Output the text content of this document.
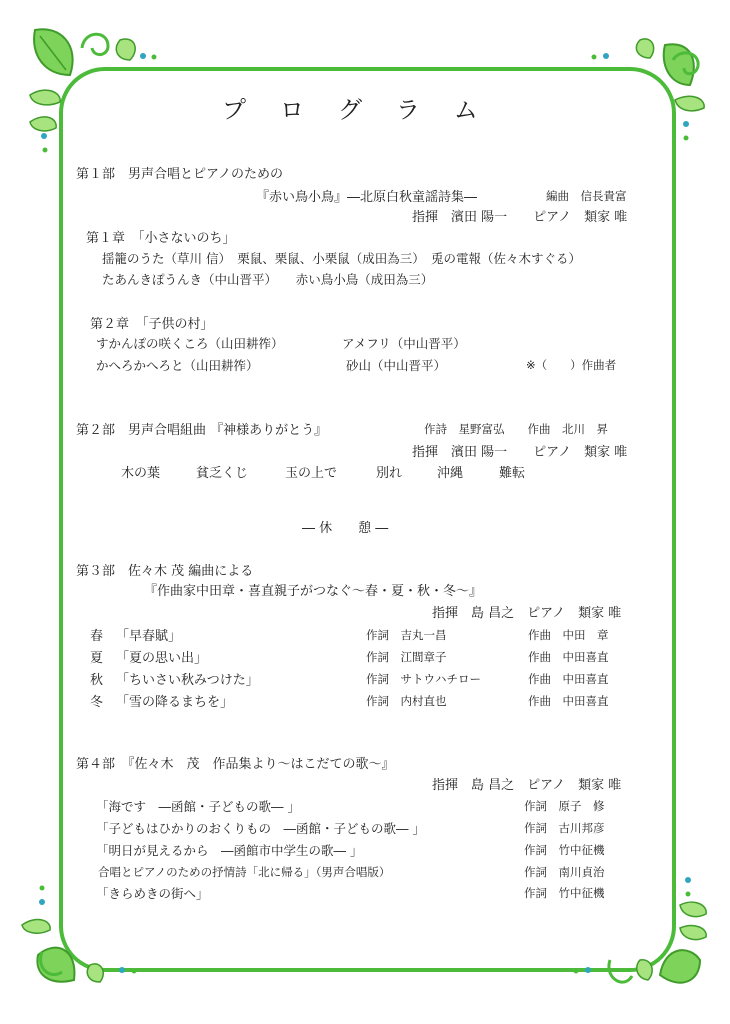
プログラム
第１部　男声合唱とピアノのための
『赤い鳥小鳥』―北原白秋童謡詩集―	編曲　信長貴富
指揮　濱田 陽一　　ピアノ　類家 唯
第１章　「小さないのち」
揺籠のうた（草川 信）　栗鼠、栗鼠、小栗鼠（成田為三）　兎の電報（佐々木すぐる）
たあんきぽうんき（中山晋平）　　赤い鳥小鳥（成田為三）
第２章　「子供の村」
すかんぽの咲くころ（山田耕筰）	アメフリ（中山晋平）
かへろかへろと（山田耕筰）	砂山（中山晋平）	※（　　）作曲者
第２部　男声合唱組曲 『神様ありがとう』	作詩　星野富弘　　作曲　北川　昇
指揮　濱田 陽一　　ピアノ　類家 唯
木の葉	貧乏くじ	玉の上で	別れ	沖縄	難転
― 休　　憩 ―
第３部　佐々木 茂 編曲による
『作曲家中田章・喜直親子がつなぐ～春・夏・秋・冬～』
指揮　島 昌之　ピアノ　類家 唯
春 「早春賦」	作詞　吉丸一昌	作曲　中田　章
夏 「夏の思い出」	作詞　江間章子	作曲　中田喜直
秋 「ちいさい秋みつけた」	作詞　サトウハチロー	作曲　中田喜直
冬 「雪の降るまちを」	作詞　内村直也	作曲　中田喜直
第４部　『佐々木　茂　作品集より～はこだての歌～』
指揮　島 昌之　ピアノ　類家 唯
「海です　―函館・子どもの歌― 」	作詞　原子　修
「子どもはひかりのおくりもの　―函館・子どもの歌― 」	作詞　古川邦彦
「明日が見えるから　―函館市中学生の歌― 」	作詞　竹中征機
合唱とピアノのための抒情詩「北に帰る」（男声合唱版）	作詞　南川貞治
「きらめきの街へ」	作詞　竹中征機
